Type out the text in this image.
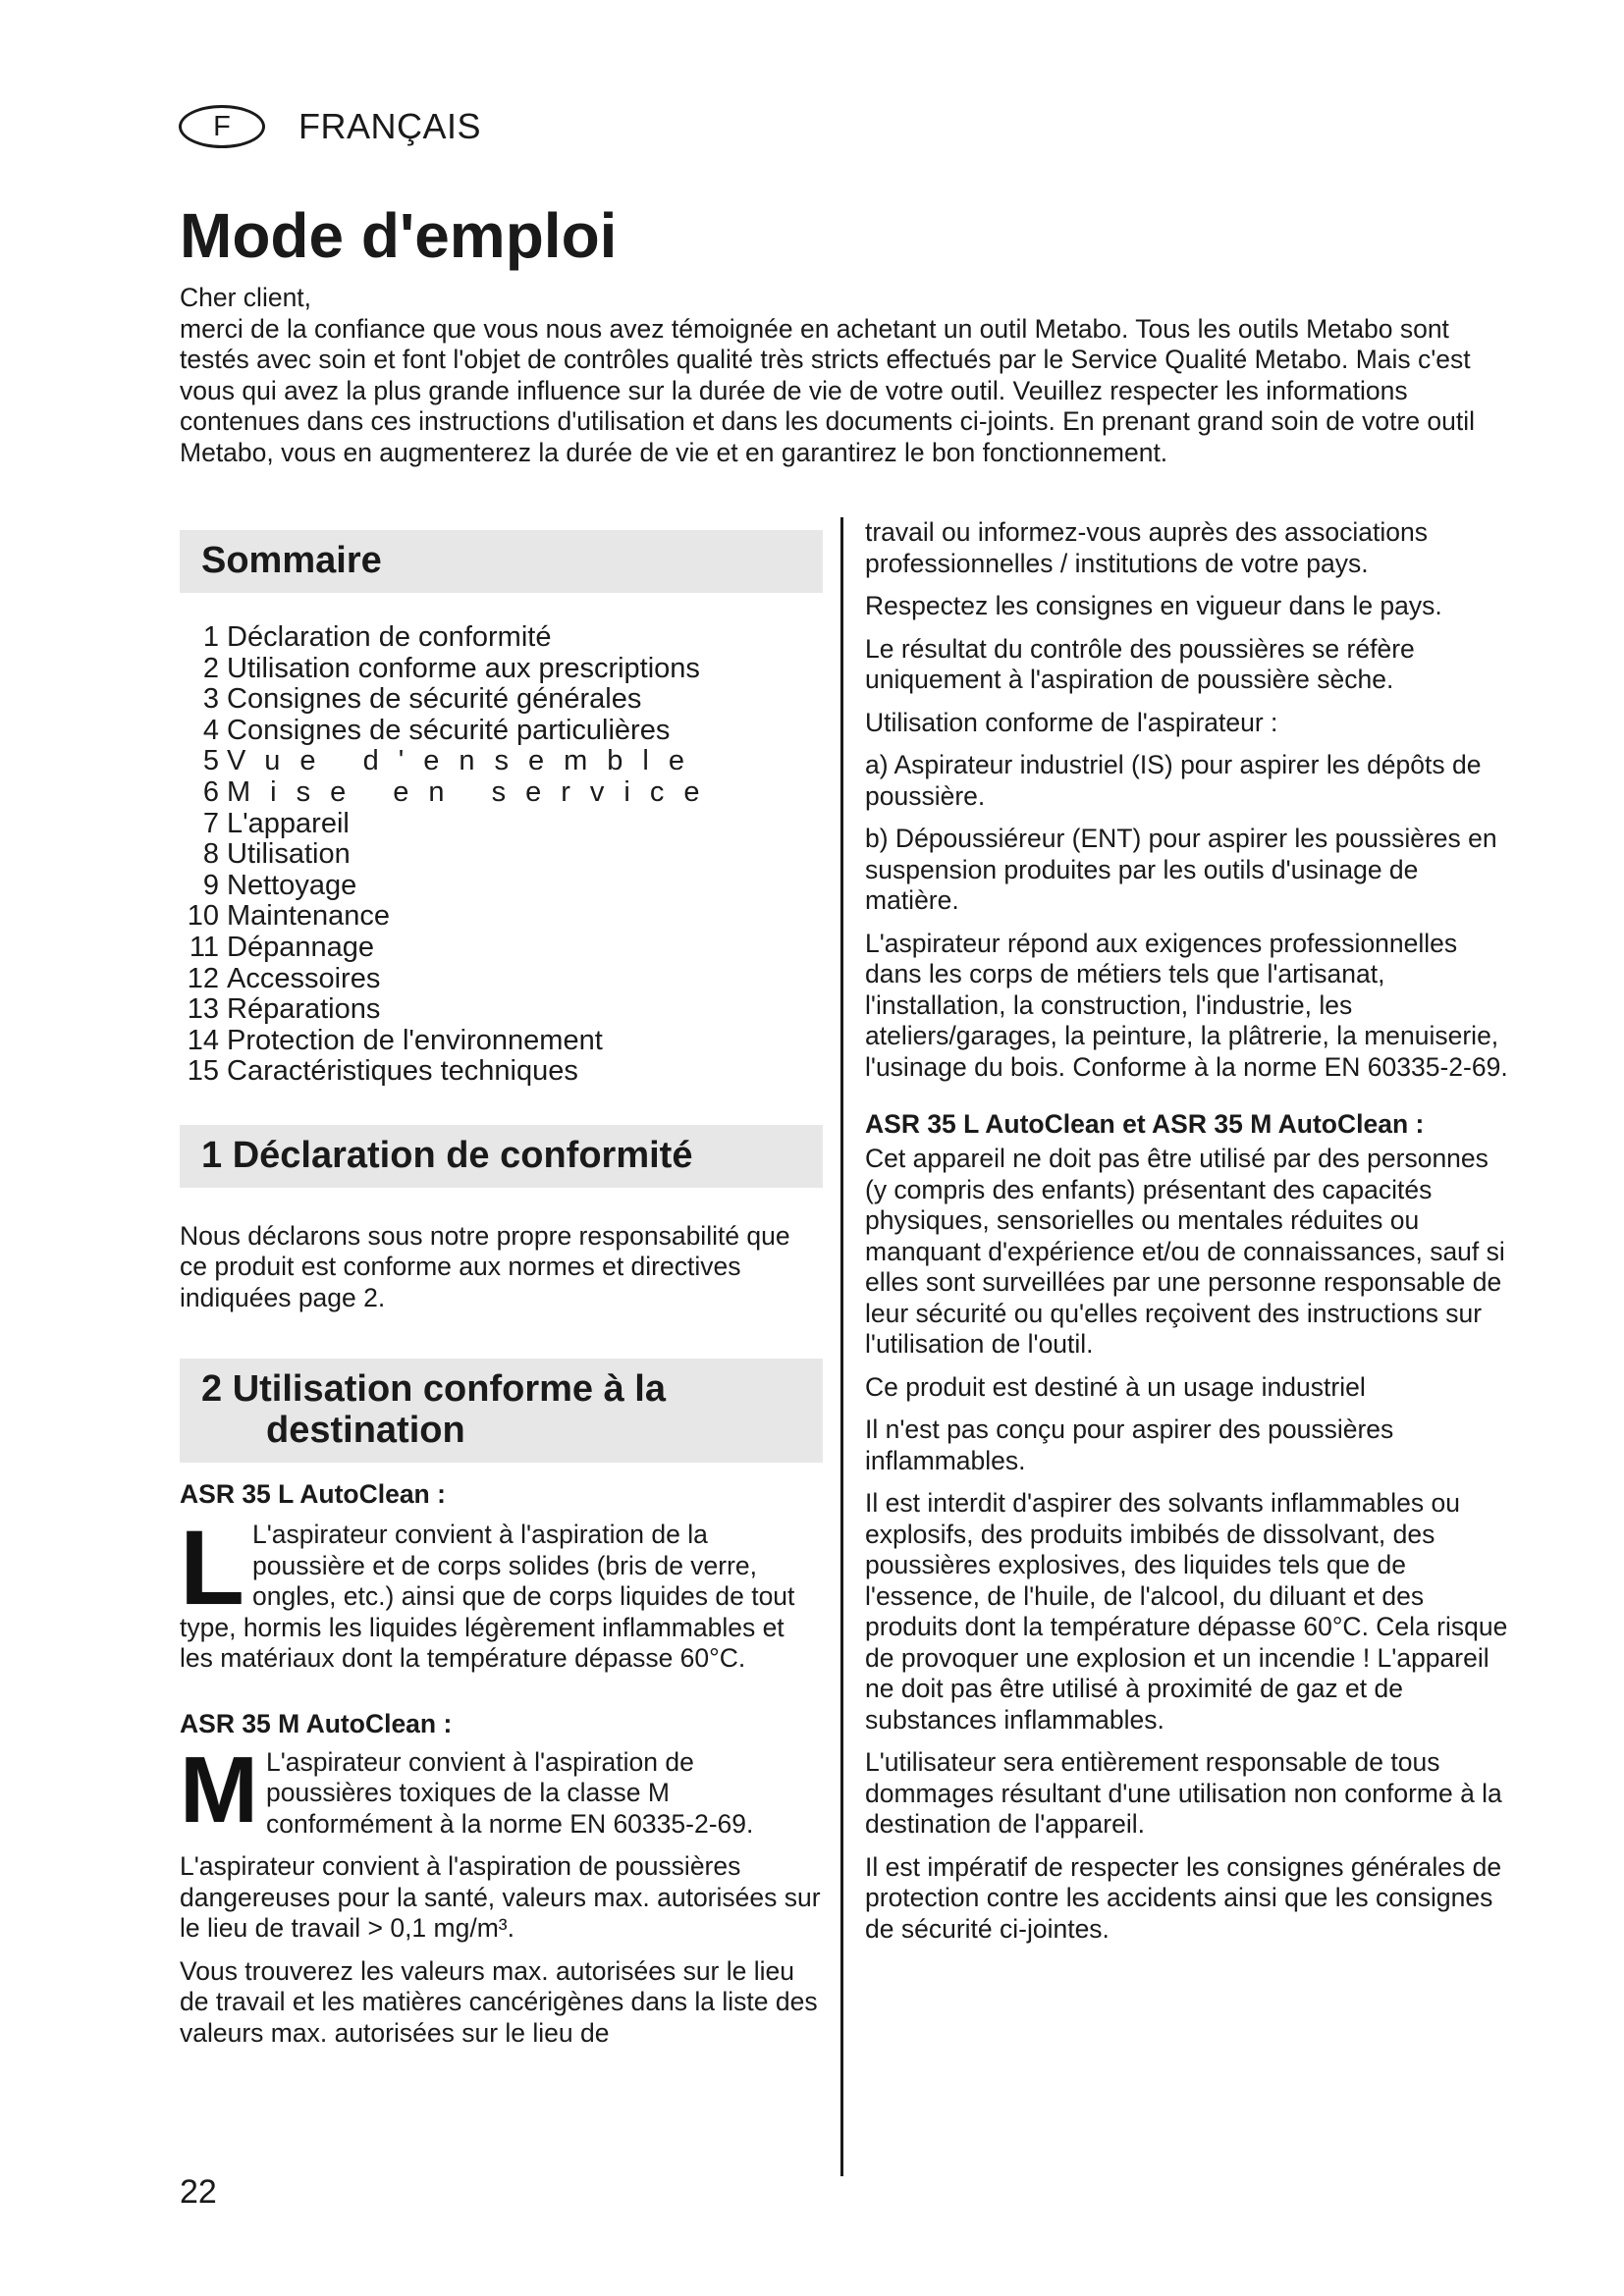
F FRANÇAIS
Mode d'emploi

Cher client,
merci de la confiance que vous nous avez témoignée en achetant un outil Metabo. Tous les outils Metabo sont testés avec soin et font l'objet de contrôles qualité très stricts effectués par le Service Qualité Metabo. Mais c'est vous qui avez la plus grande influence sur la durée de vie de votre outil. Veuillez respecter les informations contenues dans ces instructions d'utilisation et dans les documents ci-joints. En prenant grand soin de votre outil Metabo, vous en augmenterez la durée de vie et en garantirez le bon fonctionnement.

Sommaire
1 Déclaration de conformité
2 Utilisation conforme aux prescriptions
3 Consignes de sécurité générales
4 Consignes de sécurité particulières
5 Vue d'ensemble
6 Mise en service
7 L'appareil
8 Utilisation
9 Nettoyage
10 Maintenance
11 Dépannage
12 Accessoires
13 Réparations
14 Protection de l'environnement
15 Caractéristiques techniques
1 Déclaration de conformité

Nous déclarons sous notre propre responsabilité que ce produit est conforme aux normes et directives indiquées page 2.

2 Utilisation conforme à la
destination

ASR 35 L AutoClean :

L L'aspirateur convient à l'aspiration de la poussière et de corps solides (bris de verre, ongles, etc.) ainsi que de corps liquides de tout type, hormis les liquides légèrement inflammables et les matériaux dont la température dépasse 60°C.

ASR 35 M AutoClean :

M L'aspirateur convient à l'aspiration de poussières toxiques de la classe M conformément à la norme EN 60335-2-69.

L'aspirateur convient à l'aspiration de poussières dangereuses pour la santé, valeurs max. autorisées sur le lieu de travail > 0,1 mg/m³.

Vous trouverez les valeurs max. autorisées sur le lieu de travail et les matières cancérigènes dans la liste des valeurs max. autorisées sur le lieu de

travail ou informez-vous auprès des associations professionnelles / institutions de votre pays.

Respectez les consignes en vigueur dans le pays.

Le résultat du contrôle des poussières se réfère uniquement à l'aspiration de poussière sèche.

Utilisation conforme de l'aspirateur :

a) Aspirateur industriel (IS) pour aspirer les dépôts de poussière.

b) Dépoussiéreur (ENT) pour aspirer les poussières en suspension produites par les outils d'usinage de matière.

L'aspirateur répond aux exigences professionnelles dans les corps de métiers tels que l'artisanat, l'installation, la construction, l'industrie, les ateliers/garages, la peinture, la plâtrerie, la menuiserie, l'usinage du bois. Conforme à la norme EN 60335-2-69.

ASR 35 L AutoClean et ASR 35 M AutoClean :

Cet appareil ne doit pas être utilisé par des personnes (y compris des enfants) présentant des capacités physiques, sensorielles ou mentales réduites ou manquant d'expérience et/ou de connaissances, sauf si elles sont surveillées par une personne responsable de leur sécurité ou qu'elles reçoivent des instructions sur l'utilisation de l'outil.

Ce produit est destiné à un usage industriel

Il n'est pas conçu pour aspirer des poussières inflammables.

Il est interdit d'aspirer des solvants inflammables ou explosifs, des produits imbibés de dissolvant, des poussières explosives, des liquides tels que de l'essence, de l'huile, de l'alcool, du diluant et des produits dont la température dépasse 60°C. Cela risque de provoquer une explosion et un incendie ! L'appareil ne doit pas être utilisé à proximité de gaz et de substances inflammables.

L'utilisateur sera entièrement responsable de tous dommages résultant d'une utilisation non conforme à la destination de l'appareil.

Il est impératif de respecter les consignes générales de protection contre les accidents ainsi que les consignes de sécurité ci-jointes.

22
